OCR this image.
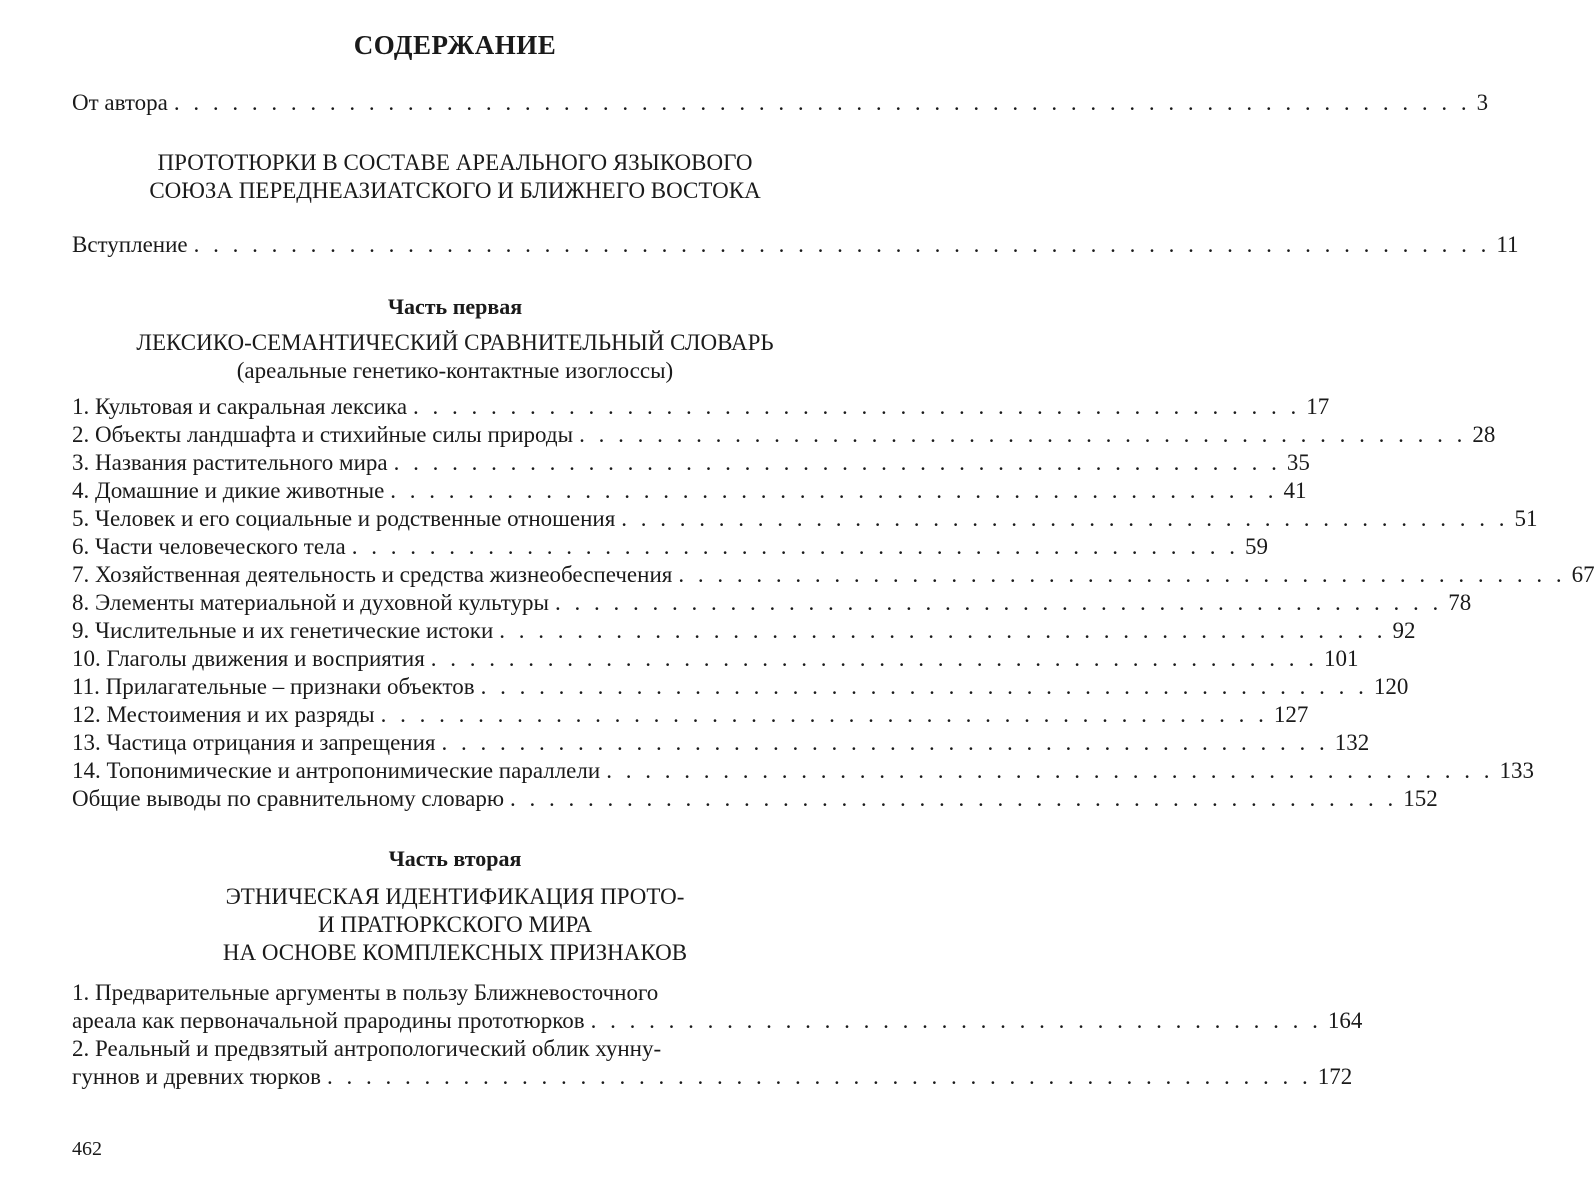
СОДЕРЖАНИЕ
От автора . . . . . . . . . . . . . . . . . . . . . . . . . . . . . . . . . . . . . . . . . . . . . . . . . . . . . . . . . . . . . . . . . . . 3
ПРОТОТЮРКИ В СОСТАВЕ АРЕАЛЬНОГО ЯЗЫКОВОГО
СОЮЗА ПЕРЕДНЕАЗИАТСКОГО И БЛИЖНЕГО ВОСТОКА
Вступление . . . . . . . . . . . . . . . . . . . . . . . . . . . . . . . . . . . . . . . . . . . . . . . . . . . . . . . . . . . . . . . . . . . 11
Часть первая
ЛЕКСИКО-СЕМАНТИЧЕСКИЙ СРАВНИТЕЛЬНЫЙ СЛОВАРЬ
(ареальные генетико-контактные изоглоссы)
1. Культовая и сакральная лексика . . . . . . . . . . . . . . . . . . . . . . . . . . . . . . . . . . . . . . . . . . . . . . 17
2. Объекты ландшафта и стихийные силы природы . . . . . . . . . . . . . . . . . . . . . . . . . . . . . . . . . . . . . . . . . . . . . . 28
3. Названия растительного мира . . . . . . . . . . . . . . . . . . . . . . . . . . . . . . . . . . . . . . . . . . . . . . 35
4. Домашние и дикие животные . . . . . . . . . . . . . . . . . . . . . . . . . . . . . . . . . . . . . . . . . . . . . . 41
5. Человек и его социальные и родственные отношения . . . . . . . . . . . . . . . . . . . . . . . . . . . . . . . . . . . . . . . . . . . . . . 51
6. Части человеческого тела . . . . . . . . . . . . . . . . . . . . . . . . . . . . . . . . . . . . . . . . . . . . . . 59
7. Хозяйственная деятельность и средства жизнеобеспечения . . . . . . . . . . . . . . . . . . . . . . . . . . . . . . . . . . . . . . . . . . . . . . 67
8. Элементы материальной и духовной культуры . . . . . . . . . . . . . . . . . . . . . . . . . . . . . . . . . . . . . . . . . . . . . . 78
9. Числительные и их генетические истоки . . . . . . . . . . . . . . . . . . . . . . . . . . . . . . . . . . . . . . . . . . . . . . 92
10. Глаголы движения и восприятия . . . . . . . . . . . . . . . . . . . . . . . . . . . . . . . . . . . . . . . . . . . . . . 101
11. Прилагательные – признаки объектов . . . . . . . . . . . . . . . . . . . . . . . . . . . . . . . . . . . . . . . . . . . . . . 120
12. Местоимения и их разряды . . . . . . . . . . . . . . . . . . . . . . . . . . . . . . . . . . . . . . . . . . . . . . 127
13. Частица отрицания и запрещения . . . . . . . . . . . . . . . . . . . . . . . . . . . . . . . . . . . . . . . . . . . . . . 132
14. Топонимические и антропонимические параллели . . . . . . . . . . . . . . . . . . . . . . . . . . . . . . . . . . . . . . . . . . . . . . 133
Общие выводы по сравнительному словарю . . . . . . . . . . . . . . . . . . . . . . . . . . . . . . . . . . . . . . . . . . . . . . 152
Часть вторая
ЭТНИЧЕСКАЯ ИДЕНТИФИКАЦИЯ ПРОТО-
И ПРАТЮРКСКОГО МИРА
НА ОСНОВЕ КОМПЛЕКСНЫХ ПРИЗНАКОВ
1. Предварительные аргументы в пользу Ближневосточного
ареала как первоначальной прародины прототюрков . . . . . . . . . . . . . . . . . . . . . . . . . . . . . . . . . . . . . . 164
2. Реальный и предвзятый антропологический облик хунну-
гуннов и древних тюрков . . . . . . . . . . . . . . . . . . . . . . . . . . . . . . . . . . . . . . . . . . . . . . . . . . . 172
462
